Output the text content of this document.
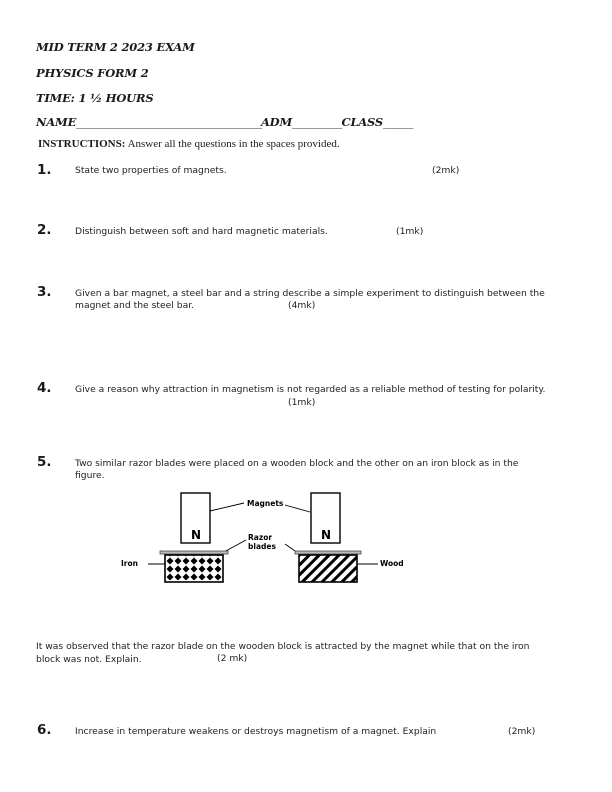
MID TERM 2 2023 EXAM
PHYSICS FORM 2
TIME: 1 ½ HOURS
NAME__________________________________________ADM__________CLASS______
INSTRUCTIONS: Answer all the questions in the spaces provided.
1.	State two properties of magnets.	(2mk)
2.	Distinguish between soft and hard magnetic materials.	(1mk)
3.	Given a bar magnet, a steel bar and a string describe a simple experiment to distinguish between the
magnet and the steel bar.	(4mk)
4.	Give a reason why attraction in magnetism is not regarded as a reliable method of testing for polarity.
(1mk)
5.	Two similar razor blades were placed on a wooden block and the other on an iron block as in the
figure.
N	N
Magnets
Razor
blades
Iron	Wood
It was observed that the razor blade on the wooden block is attracted by the magnet while that on the iron
block was not. Explain.	(2 mk)
6.	Increase in temperature weakens or destroys magnetism of a magnet. Explain	(2mk)
